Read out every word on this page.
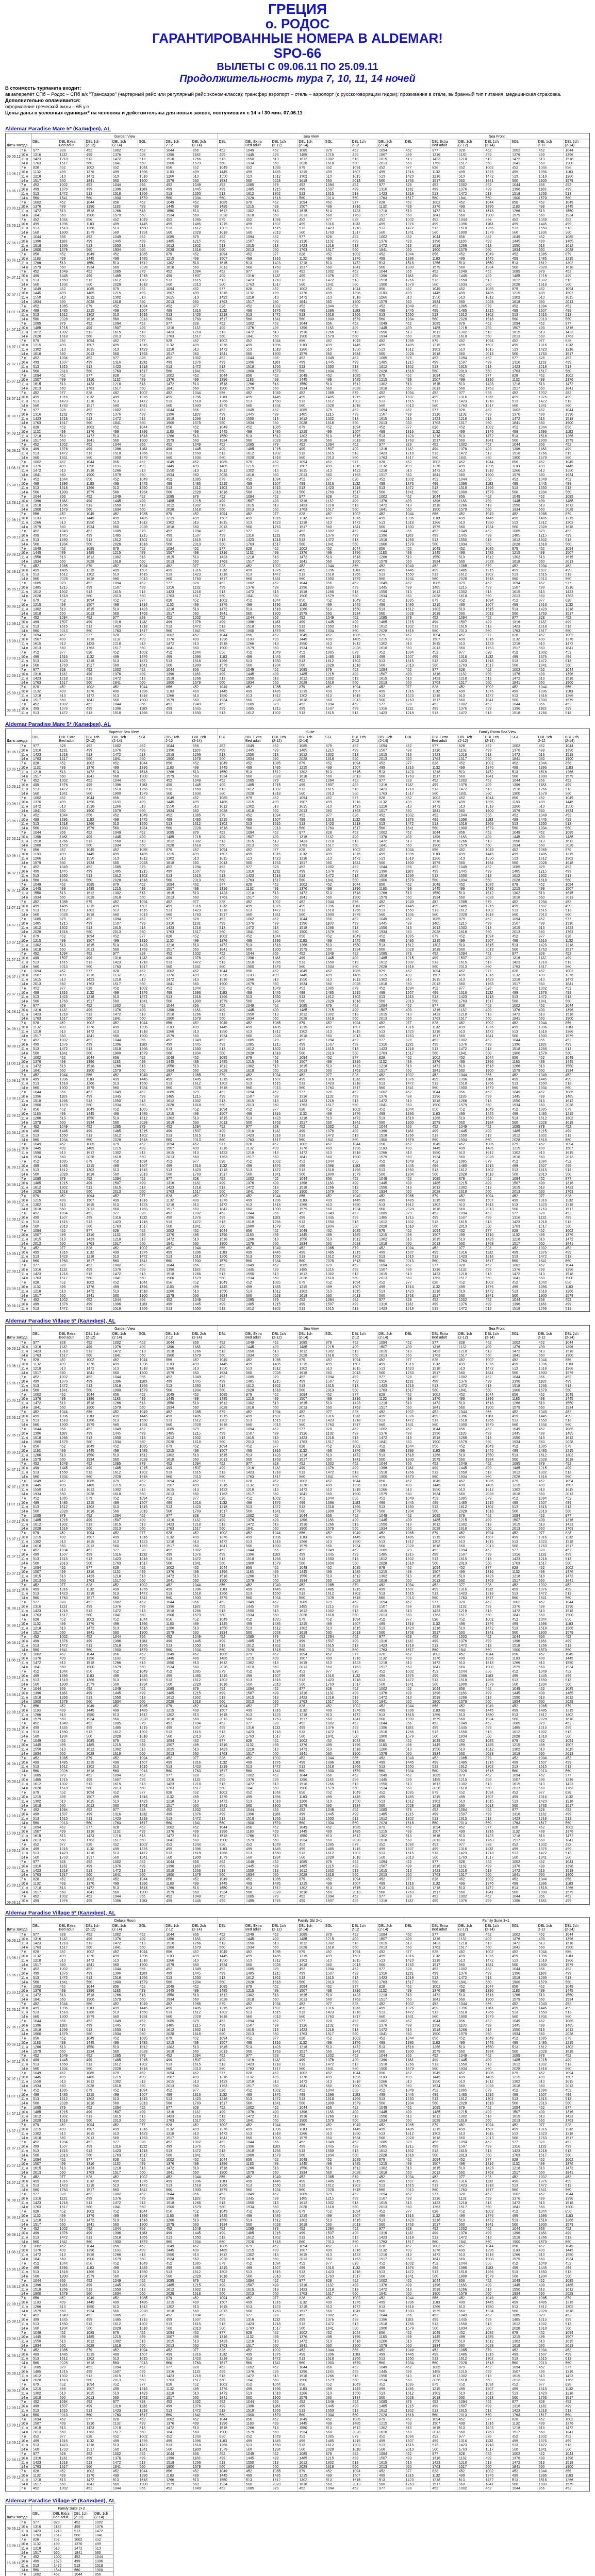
ГРЕЦИЯ
о. РОДОС
ГАРАНТИРОВАННЫЕ НОМЕРА В ALDEMAR!
SPO-66
ВЫЛЕТЫ С 09.06.11 ПО 25.09.11
Продолжительность тура 7, 10, 11, 14 ночей
В стоимость турпакета входит:
авиаперелёт СПб – Родос – СПб а/к "Трансаэро" (чартерный рейс или регулярный рейс эконом-класса); трансфер аэропорт – отель – аэропорт (с русскоговорящим гидом); проживание в отеле, выбранный тип питания, медицинская страховка.
Дополнительно оплачивается:
оформление греческой визы – 65 у.е.
Цены даны в условных единицах* на человека и действительны для новых заявок, поступивших с 14 ч / 30 мин. 07.06.11
Aldemar Paradise Mare 5* (Калифея), AL
Aldemar Paradise Mare 5* (Калифея), AL
Aldemar Paradise Village 5* (Калифея), AL
Aldemar Paradise Village 5* (Калифея), AL
Aldemar Paradise Village 5* (Калифея), AL
Garden View	Sea View	Sea Front
DBL	DBL Extra
Bed adult
DBL 1ch
(2-12)
DBL 1ch
(2-14)
SGL	DBL 1ch
2-12
DBL 2ch
(2-14)
DBL	DBL Extra
Bed adult
DBL 1ch
(2-12)
DBL 1ch
(2-14)
SGL	DBL 1ch
2-12
DBL 2ch
(2-14)
DBL	DBL Extra
Bed adult
DBL 1ch
(2-12)
DBL 1ch
(2-14)
SGL	DBL 1ch
2-12
DBL 2ch
(2-14)
Даты заезда
09.06.11
7 н 977	828	452	1002	452	1044	856	452	1049	452	1085	879	452	1094	452	977	828	452	1002	452	1044
10 н 1316	1132	499	1376	499	1396	1183	499	1445	499	1485	1215	499	1507	499	1316	1132	499	1376	499	1396
11 н 1423	1218	513	1472	513	1518	1266	513	1550	513	1612	1302	513	1615	513	1423	1218	513	1472	513	1518
14 н 1763	1517	560	1841	560	1900	1579	560	1934	560	2028	1618	560	2013	560	1763	1517	560	1841	560	1900
13.06.11
7 н 828	452	1002	452	1044	856	452	1049	452	1085	879	452	1094	452	977	828	452	1002	452	1044	856
10 н 1132	499	1376	499	1396	1183	499	1445	499	1485	1215	499	1507	499	1316	1132	499	1376	499	1396	1183
11 н 1218	513	1472	513	1518	1266	513	1550	513	1612	1302	513	1615	513	1423	1218	513	1472	513	1518	1266
14 н 1517	560	1841	560	1900	1579	560	1934	560	2028	1618	560	2013	560	1763	1517	560	1841	560	1900	1579
16.06.11
7 н 452	1002	452	1044	856	452	1049	452	1085	879	452	1094	452	977	828	452	1002	452	1044	856	452
10 н 499	1376	499	1396	1183	499	1445	499	1485	1215	499	1507	499	1316	1132	499	1376	499	1396	1183	499
11 н 513	1472	513	1518	1266	513	1550	513	1612	1302	513	1615	513	1423	1218	513	1472	513	1518	1266	513
14 н 560	1841	560	1900	1579	560	1934	560	2028	1618	560	2013	560	1763	1517	560	1841	560	1900	1579	560
20.06.11
7 н 1002	452	1044	856	452	1049	452	1085	879	452	1094	452	977	828	452	1002	452	1044	856	452	1049
10 н 1376	499	1396	1183	499	1445	499	1485	1215	499	1507	499	1316	1132	499	1376	499	1396	1183	499	1445
11 н 1472	513	1518	1266	513	1550	513	1612	1302	513	1615	513	1423	1218	513	1472	513	1518	1266	513	1550
14 н 1841	560	1900	1579	560	1934	560	2028	1618	560	2013	560	1763	1517	560	1841	560	1900	1579	560	1934
23.06.11
7 н 452	1044	856	452	1049	452	1085	879	452	1094	452	977	828	452	1002	452	1044	856	452	1049	452
10 н 499	1396	1183	499	1445	499	1485	1215	499	1507	499	1316	1132	499	1376	499	1396	1183	499	1445	499
11 н 513	1518	1266	513	1550	513	1612	1302	513	1615	513	1423	1218	513	1472	513	1518	1266	513	1550	513
14 н 560	1900	1579	560	1934	560	2028	1618	560	2013	560	1763	1517	560	1841	560	1900	1579	560	1934	560
27.06.11
7 н 1044	856	452	1049	452	1085	879	452	1094	452	977	828	452	1002	452	1044	856	452	1049	452	1085
10 н 1396	1183	499	1445	499	1485	1215	499	1507	499	1316	1132	499	1376	499	1396	1183	499	1445	499	1485
11 н 1518	1266	513	1550	513	1612	1302	513	1615	513	1423	1218	513	1472	513	1518	1266	513	1550	513	1612
14 н 1900	1579	560	1934	560	2028	1618	560	2013	560	1763	1517	560	1841	560	1900	1579	560	1934	560	2028
30.06.11
7 н 856	452	1049	452	1085	879	452	1094	452	977	828	452	1002	452	1044	856	452	1049	452	1085	879
10 н 1183	499	1445	499	1485	1215	499	1507	499	1316	1132	499	1376	499	1396	1183	499	1445	499	1485	1215
11 н 1266	513	1550	513	1612	1302	513	1615	513	1423	1218	513	1472	513	1518	1266	513	1550	513	1612	1302
14 н 1579	560	1934	560	2028	1618	560	2013	560	1763	1517	560	1841	560	1900	1579	560	1934	560	2028	1618
04.07.11
7 н 452	1049	452	1085	879	452	1094	452	977	828	452	1002	452	1044	856	452	1049	452	1085	879	452
10 н 499	1445	499	1485	1215	499	1507	499	1316	1132	499	1376	499	1396	1183	499	1445	499	1485	1215	499
11 н 513	1550	513	1612	1302	513	1615	513	1423	1218	513	1472	513	1518	1266	513	1550	513	1612	1302	513
14 н 560	1934	560	2028	1618	560	2013	560	1763	1517	560	1841	560	1900	1579	560	1934	560	2028	1618	560
07.07.11
7 н 1049	452	1085	879	452	1094	452	977	828	452	1002	452	1044	856	452	1049	452	1085	879	452	1094
10 н 1445	499	1485	1215	499	1507	499	1316	1132	499	1376	499	1396	1183	499	1445	499	1485	1215	499	1507
11 н 1550	513	1612	1302	513	1615	513	1423	1218	513	1472	513	1518	1266	513	1550	513	1612	1302	513	1615
14 н 1934	560	2028	1618	560	2013	560	1763	1517	560	1841	560	1900	1579	560	1934	560	2028	1618	560	2013
11.07.11
7 н 452	1085	879	452	1094	452	977	828	452	1002	452	1044	856	452	1049	452	1085	879	452	1094	452
10 н 499	1485	1215	499	1507	499	1316	1132	499	1376	499	1396	1183	499	1445	499	1485	1215	499	1507	499
11 н 513	1612	1302	513	1615	513	1423	1218	513	1472	513	1518	1266	513	1550	513	1612	1302	513	1615	513
14 н 560	2028	1618	560	2013	560	1763	1517	560	1841	560	1900	1579	560	1934	560	2028	1618	560	2013	560
14.07.11
7 н 1085	879	452	1094	452	977	828	452	1002	452	1044	856	452	1049	452	1085	879	452	1094	452	977
10 н 1485	1215	499	1507	499	1316	1132	499	1376	499	1396	1183	499	1445	499	1485	1215	499	1507	499	1316
11 н 1612	1302	513	1615	513	1423	1218	513	1472	513	1518	1266	513	1550	513	1612	1302	513	1615	513	1423
14 н 2028	1618	560	2013	560	1763	1517	560	1841	560	1900	1579	560	1934	560	2028	1618	560	2013	560	1763
18.07.11
7 н 879	452	1094	452	977	828	452	1002	452	1044	856	452	1049	452	1085	879	452	1094	452	977	828
10 н 1215	499	1507	499	1316	1132	499	1376	499	1396	1183	499	1445	499	1485	1215	499	1507	499	1316	1132
11 н 1302	513	1615	513	1423	1218	513	1472	513	1518	1266	513	1550	513	1612	1302	513	1615	513	1423	1218
14 н 1618	560	2013	560	1763	1517	560	1841	560	1900	1579	560	1934	560	2028	1618	560	2013	560	1763	1517
21.07.11
7 н 452	1094	452	977	828	452	1002	452	1044	856	452	1049	452	1085	879	452	1094	452	977	828	452
10 н 499	1507	499	1316	1132	499	1376	499	1396	1183	499	1445	499	1485	1215	499	1507	499	1316	1132	499
11 н 513	1615	513	1423	1218	513	1472	513	1518	1266	513	1550	513	1612	1302	513	1615	513	1423	1218	513
14 н 560	2013	560	1763	1517	560	1841	560	1900	1579	560	1934	560	2028	1618	560	2013	560	1763	1517	560
25.07.11
7 н 1094	452	977	828	452	1002	452	1044	856	452	1049	452	1085	879	452	1094	452	977	828	452	1002
10 н 1507	499	1316	1132	499	1376	499	1396	1183	499	1445	499	1485	1215	499	1507	499	1316	1132	499	1376
11 н 1615	513	1423	1218	513	1472	513	1518	1266	513	1550	513	1612	1302	513	1615	513	1423	1218	513	1472
14 н 2013	560	1763	1517	560	1841	560	1900	1579	560	1934	560	2028	1618	560	2013	560	1763	1517	560	1841
28.07.11
7 н 452	977	828	452	1002	452	1044	856	452	1049	452	1085	879	452	1094	452	977	828	452	1002	452
10 н 499	1316	1132	499	1376	499	1396	1183	499	1445	499	1485	1215	499	1507	499	1316	1132	499	1376	499
11 н 513	1423	1218	513	1472	513	1518	1266	513	1550	513	1612	1302	513	1615	513	1423	1218	513	1472	513
14 н 560	1763	1517	560	1841	560	1900	1579	560	1934	560	2028	1618	560	2013	560	1763	1517	560	1841	560
01.08.11
7 н 977	828	452	1002	452	1044	856	452	1049	452	1085	879	452	1094	452	977	828	452	1002	452	1044
10 н 1316	1132	499	1376	499	1396	1183	499	1445	499	1485	1215	499	1507	499	1316	1132	499	1376	499	1396
11 н 1423	1218	513	1472	513	1518	1266	513	1550	513	1612	1302	513	1615	513	1423	1218	513	1472	513	1518
14 н 1763	1517	560	1841	560	1900	1579	560	1934	560	2028	1618	560	2013	560	1763	1517	560	1841	560	1900
04.08.11
7 н 828	452	1002	452	1044	856	452	1049	452	1085	879	452	1094	452	977	828	452	1002	452	1044	856
10 н 1132	499	1376	499	1396	1183	499	1445	499	1485	1215	499	1507	499	1316	1132	499	1376	499	1396	1183
11 н 1218	513	1472	513	1518	1266	513	1550	513	1612	1302	513	1615	513	1423	1218	513	1472	513	1518	1266
14 н 1517	560	1841	560	1900	1579	560	1934	560	2028	1618	560	2013	560	1763	1517	560	1841	560	1900	1579
08.08.11
7 н 452	1002	452	1044	856	452	1049	452	1085	879	452	1094	452	977	828	452	1002	452	1044	856	452
10 н 499	1376	499	1396	1183	499	1445	499	1485	1215	499	1507	499	1316	1132	499	1376	499	1396	1183	499
11 н 513	1472	513	1518	1266	513	1550	513	1612	1302	513	1615	513	1423	1218	513	1472	513	1518	1266	513
14 н 560	1841	560	1900	1579	560	1934	560	2028	1618	560	2013	560	1763	1517	560	1841	560	1900	1579	560
11.08.11
7 н 1002	452	1044	856	452	1049	452	1085	879	452	1094	452	977	828	452	1002	452	1044	856	452	1049
10 н 1376	499	1396	1183	499	1445	499	1485	1215	499	1507	499	1316	1132	499	1376	499	1396	1183	499	1445
11 н 1472	513	1518	1266	513	1550	513	1612	1302	513	1615	513	1423	1218	513	1472	513	1518	1266	513	1550
14 н 1841	560	1900	1579	560	1934	560	2028	1618	560	2013	560	1763	1517	560	1841	560	1900	1579	560	1934
15.08.11
7 н 452	1044	856	452	1049	452	1085	879	452	1094	452	977	828	452	1002	452	1044	856	452	1049	452
10 н 499	1396	1183	499	1445	499	1485	1215	499	1507	499	1316	1132	499	1376	499	1396	1183	499	1445	499
11 н 513	1518	1266	513	1550	513	1612	1302	513	1615	513	1423	1218	513	1472	513	1518	1266	513	1550	513
14 н 560	1900	1579	560	1934	560	2028	1618	560	2013	560	1763	1517	560	1841	560	1900	1579	560	1934	560
18.08.11
7 н 1044	856	452	1049	452	1085	879	452	1094	452	977	828	452	1002	452	1044	856	452	1049	452	1085
10 н 1396	1183	499	1445	499	1485	1215	499	1507	499	1316	1132	499	1376	499	1396	1183	499	1445	499	1485
11 н 1518	1266	513	1550	513	1612	1302	513	1615	513	1423	1218	513	1472	513	1518	1266	513	1550	513	1612
14 н 1900	1579	560	1934	560	2028	1618	560	2013	560	1763	1517	560	1841	560	1900	1579	560	1934	560	2028
22.08.11
7 н 856	452	1049	452	1085	879	452	1094	452	977	828	452	1002	452	1044	856	452	1049	452	1085	879
10 н 1183	499	1445	499	1485	1215	499	1507	499	1316	1132	499	1376	499	1396	1183	499	1445	499	1485	1215
11 н 1266	513	1550	513	1612	1302	513	1615	513	1423	1218	513	1472	513	1518	1266	513	1550	513	1612	1302
14 н 1579	560	1934	560	2028	1618	560	2013	560	1763	1517	560	1841	560	1900	1579	560	1934	560	2028	1618
25.08.11
7 н 452	1049	452	1085	879	452	1094	452	977	828	452	1002	452	1044	856	452	1049	452	1085	879	452
10 н 499	1445	499	1485	1215	499	1507	499	1316	1132	499	1376	499	1396	1183	499	1445	499	1485	1215	499
11 н 513	1550	513	1612	1302	513	1615	513	1423	1218	513	1472	513	1518	1266	513	1550	513	1612	1302	513
14 н 560	1934	560	2028	1618	560	2013	560	1763	1517	560	1841	560	1900	1579	560	1934	560	2028	1618	560
29.08.11
7 н 1049	452	1085	879	452	1094	452	977	828	452	1002	452	1044	856	452	1049	452	1085	879	452	1094
10 н 1445	499	1485	1215	499	1507	499	1316	1132	499	1376	499	1396	1183	499	1445	499	1485	1215	499	1507
11 н 1550	513	1612	1302	513	1615	513	1423	1218	513	1472	513	1518	1266	513	1550	513	1612	1302	513	1615
14 н 1934	560	2028	1618	560	2013	560	1763	1517	560	1841	560	1900	1579	560	1934	560	2028	1618	560	2013
01.09.11
7 н 452	1085	879	452	1094	452	977	828	452	1002	452	1044	856	452	1049	452	1085	879	452	1094	452
10 н 499	1485	1215	499	1507	499	1316	1132	499	1376	499	1396	1183	499	1445	499	1485	1215	499	1507	499
11 н 513	1612	1302	513	1615	513	1423	1218	513	1472	513	1518	1266	513	1550	513	1612	1302	513	1615	513
14 н 560	2028	1618	560	2013	560	1763	1517	560	1841	560	1900	1579	560	1934	560	2028	1618	560	2013	560
05.09.11
7 н 1085	879	452	1094	452	977	828	452	1002	452	1044	856	452	1049	452	1085	879	452	1094	452	977
10 н 1485	1215	499	1507	499	1316	1132	499	1376	499	1396	1183	499	1445	499	1485	1215	499	1507	499	1316
11 н 1612	1302	513	1615	513	1423	1218	513	1472	513	1518	1266	513	1550	513	1612	1302	513	1615	513	1423
14 н 2028	1618	560	2013	560	1763	1517	560	1841	560	1900	1579	560	1934	560	2028	1618	560	2013	560	1763
08.09.11
7 н 879	452	1094	452	977	828	452	1002	452	1044	856	452	1049	452	1085	879	452	1094	452	977	828
10 н 1215	499	1507	499	1316	1132	499	1376	499	1396	1183	499	1445	499	1485	1215	499	1507	499	1316	1132
11 н 1302	513	1615	513	1423	1218	513	1472	513	1518	1266	513	1550	513	1612	1302	513	1615	513	1423	1218
14 н 1618	560	2013	560	1763	1517	560	1841	560	1900	1579	560	1934	560	2028	1618	560	2013	560	1763	1517
12.09.11
7 н 452	1094	452	977	828	452	1002	452	1044	856	452	1049	452	1085	879	452	1094	452	977	828	452
10 н 499	1507	499	1316	1132	499	1376	499	1396	1183	499	1445	499	1485	1215	499	1507	499	1316	1132	499
11 н 513	1615	513	1423	1218	513	1472	513	1518	1266	513	1550	513	1612	1302	513	1615	513	1423	1218	513
14 н 560	2013	560	1763	1517	560	1841	560	1900	1579	560	1934	560	2028	1618	560	2013	560	1763	1517	560
15.09.11
7 н 1094	452	977	828	452	1002	452	1044	856	452	1049	452	1085	879	452	1094	452	977	828	452	1002
10 н 1507	499	1316	1132	499	1376	499	1396	1183	499	1445	499	1485	1215	499	1507	499	1316	1132	499	1376
11 н 1615	513	1423	1218	513	1472	513	1518	1266	513	1550	513	1612	1302	513	1615	513	1423	1218	513	1472
14 н 2013	560	1763	1517	560	1841	560	1900	1579	560	1934	560	2028	1618	560	2013	560	1763	1517	560	1841
19.09.11
7 н 452	977	828	452	1002	452	1044	856	452	1049	452	1085	879	452	1094	452	977	828	452	1002	452
10 н 499	1316	1132	499	1376	499	1396	1183	499	1445	499	1485	1215	499	1507	499	1316	1132	499	1376	499
11 н 513	1423	1218	513	1472	513	1518	1266	513	1550	513	1612	1302	513	1615	513	1423	1218	513	1472	513
14 н 560	1763	1517	560	1841	560	1900	1579	560	1934	560	2028	1618	560	2013	560	1763	1517	560	1841	560
22.09.11
7 н 977	828	452	1002	452	1044	856	452	1049	452	1085	879	452	1094	452	977	828	452	1002	452	1044
10 н 1316	1132	499	1376	499	1396	1183	499	1445	499	1485	1215	499	1507	499	1316	1132	499	1376	499	1396
11 н 1423	1218	513	1472	513	1518	1266	513	1550	513	1612	1302	513	1615	513	1423	1218	513	1472	513	1518
14 н 1763	1517	560	1841	560	1900	1579	560	1934	560	2028	1618	560	2013	560	1763	1517	560	1841	560	1900
25.09.11
7 н 828	452	1002	452	1044	856	452	1049	452	1085	879	452	1094	452	977	828	452	1002	452	1044	856
10 н 1132	499	1376	499	1396	1183	499	1445	499	1485	1215	499	1507	499	1316	1132	499	1376	499	1396	1183
11 н 1218	513	1472	513	1518	1266	513	1550	513	1612	1302	513	1615	513	1423	1218	513	1472	513	1518	1266
14 н 1517	560	1841	560	1900	1579	560	1934	560	2028	1618	560	2013	560	1763	1517	560	1841	560	1900	1579
09.06.11
7 н 452	1002	452	1044	856	452	1049	452	1085	879	452	1094	452	977	828	452	1002	452	1044	856	452
10 н 499	1376	499	1396	1183	499	1445	499	1485	1215	499	1507	499	1316	1132	499	1376	499	1396	1183	499
11 н 513	1472	513	1518	1266	513	1550	513	1612	1302	513	1615	513	1423	1218	513	1472	513	1518	1266	513
Superior Sea View	Suite	Family Room Sea View
DBL	DBL Extra
Bed adult
DBL 1ch
(2-12)
DBL 1ch
(2-14)
SGL	DBL 1ch
2-12
DBL 2ch
(2-14)
DBL	DBL Extra
Bed adult
DBL 1ch
(2-12)
DBL 1ch
(2-14)
SGL	DBL 1ch
2-12
DBL 2ch
(2-14)
DBL	DBL Extra
Bed adult
DBL 1ch
(2-12)
DBL 1ch
(2-14)
SGL	DBL 1ch
2-12
DBL 2ch
(2-14)
Даты заезда
09.06.11
7 н 977	828	452	1002	452	1044	856	452	1049	452	1085	879	452	1094	452	977	828	452	1002	452	1044
10 н 1316	1132	499	1376	499	1396	1183	499	1445	499	1485	1215	499	1507	499	1316	1132	499	1376	499	1396
11 н 1423	1218	513	1472	513	1518	1266	513	1550	513	1612	1302	513	1615	513	1423	1218	513	1472	513	1518
14 н 1763	1517	560	1841	560	1900	1579	560	1934	560	2028	1618	560	2013	560	1763	1517	560	1841	560	1900
13.06.11
7 н 828	452	1002	452	1044	856	452	1049	452	1085	879	452	1094	452	977	828	452	1002	452	1044	856
10 н 1132	499	1376	499	1396	1183	499	1445	499	1485	1215	499	1507	499	1316	1132	499	1376	499	1396	1183
11 н 1218	513	1472	513	1518	1266	513	1550	513	1612	1302	513	1615	513	1423	1218	513	1472	513	1518	1266
14 н 1517	560	1841	560	1900	1579	560	1934	560	2028	1618	560	2013	560	1763	1517	560	1841	560	1900	1579
16.06.11
7 н 452	1002	452	1044	856	452	1049	452	1085	879	452	1094	452	977	828	452	1002	452	1044	856	452
10 н 499	1376	499	1396	1183	499	1445	499	1485	1215	499	1507	499	1316	1132	499	1376	499	1396	1183	499
11 н 513	1472	513	1518	1266	513	1550	513	1612	1302	513	1615	513	1423	1218	513	1472	513	1518	1266	513
14 н 560	1841	560	1900	1579	560	1934	560	2028	1618	560	2013	560	1763	1517	560	1841	560	1900	1579	560
20.06.11
7 н 1002	452	1044	856	452	1049	452	1085	879	452	1094	452	977	828	452	1002	452	1044	856	452	1049
10 н 1376	499	1396	1183	499	1445	499	1485	1215	499	1507	499	1316	1132	499	1376	499	1396	1183	499	1445
11 н 1472	513	1518	1266	513	1550	513	1612	1302	513	1615	513	1423	1218	513	1472	513	1518	1266	513	1550
14 н 1841	560	1900	1579	560	1934	560	2028	1618	560	2013	560	1763	1517	560	1841	560	1900	1579	560	1934
23.06.11
7 н 452	1044	856	452	1049	452	1085	879	452	1094	452	977	828	452	1002	452	1044	856	452	1049	452
10 н 499	1396	1183	499	1445	499	1485	1215	499	1507	499	1316	1132	499	1376	499	1396	1183	499	1445	499
11 н 513	1518	1266	513	1550	513	1612	1302	513	1615	513	1423	1218	513	1472	513	1518	1266	513	1550	513
14 н 560	1900	1579	560	1934	560	2028	1618	560	2013	560	1763	1517	560	1841	560	1900	1579	560	1934	560
27.06.11
7 н 1044	856	452	1049	452	1085	879	452	1094	452	977	828	452	1002	452	1044	856	452	1049	452	1085
10 н 1396	1183	499	1445	499	1485	1215	499	1507	499	1316	1132	499	1376	499	1396	1183	499	1445	499	1485
11 н 1518	1266	513	1550	513	1612	1302	513	1615	513	1423	1218	513	1472	513	1518	1266	513	1550	513	1612
14 н 1900	1579	560	1934	560	2028	1618	560	2013	560	1763	1517	560	1841	560	1900	1579	560	1934	560	2028
30.06.11
7 н 856	452	1049	452	1085	879	452	1094	452	977	828	452	1002	452	1044	856	452	1049	452	1085	879
10 н 1183	499	1445	499	1485	1215	499	1507	499	1316	1132	499	1376	499	1396	1183	499	1445	499	1485	1215
11 н 1266	513	1550	513	1612	1302	513	1615	513	1423	1218	513	1472	513	1518	1266	513	1550	513	1612	1302
14 н 1579	560	1934	560	2028	1618	560	2013	560	1763	1517	560	1841	560	1900	1579	560	1934	560	2028	1618
04.07.11
7 н 452	1049	452	1085	879	452	1094	452	977	828	452	1002	452	1044	856	452	1049	452	1085	879	452
10 н 499	1445	499	1485	1215	499	1507	499	1316	1132	499	1376	499	1396	1183	499	1445	499	1485	1215	499
11 н 513	1550	513	1612	1302	513	1615	513	1423	1218	513	1472	513	1518	1266	513	1550	513	1612	1302	513
14 н 560	1934	560	2028	1618	560	2013	560	1763	1517	560	1841	560	1900	1579	560	1934	560	2028	1618	560
07.07.11
7 н 1049	452	1085	879	452	1094	452	977	828	452	1002	452	1044	856	452	1049	452	1085	879	452	1094
10 н 1445	499	1485	1215	499	1507	499	1316	1132	499	1376	499	1396	1183	499	1445	499	1485	1215	499	1507
11 н 1550	513	1612	1302	513	1615	513	1423	1218	513	1472	513	1518	1266	513	1550	513	1612	1302	513	1615
14 н 1934	560	2028	1618	560	2013	560	1763	1517	560	1841	560	1900	1579	560	1934	560	2028	1618	560	2013
11.07.11
7 н 452	1085	879	452	1094	452	977	828	452	1002	452	1044	856	452	1049	452	1085	879	452	1094	452
10 н 499	1485	1215	499	1507	499	1316	1132	499	1376	499	1396	1183	499	1445	499	1485	1215	499	1507	499
11 н 513	1612	1302	513	1615	513	1423	1218	513	1472	513	1518	1266	513	1550	513	1612	1302	513	1615	513
14 н 560	2028	1618	560	2013	560	1763	1517	560	1841	560	1900	1579	560	1934	560	2028	1618	560	2013	560
14.07.11
7 н 1085	879	452	1094	452	977	828	452	1002	452	1044	856	452	1049	452	1085	879	452	1094	452	977
10 н 1485	1215	499	1507	499	1316	1132	499	1376	499	1396	1183	499	1445	499	1485	1215	499	1507	499	1316
11 н 1612	1302	513	1615	513	1423	1218	513	1472	513	1518	1266	513	1550	513	1612	1302	513	1615	513	1423
14 н 2028	1618	560	2013	560	1763	1517	560	1841	560	1900	1579	560	1934	560	2028	1618	560	2013	560	1763
18.07.11
7 н 879	452	1094	452	977	828	452	1002	452	1044	856	452	1049	452	1085	879	452	1094	452	977	828
10 н 1215	499	1507	499	1316	1132	499	1376	499	1396	1183	499	1445	499	1485	1215	499	1507	499	1316	1132
11 н 1302	513	1615	513	1423	1218	513	1472	513	1518	1266	513	1550	513	1612	1302	513	1615	513	1423	1218
14 н 1618	560	2013	560	1763	1517	560	1841	560	1900	1579	560	1934	560	2028	1618	560	2013	560	1763	1517
21.07.11
7 н 452	1094	452	977	828	452	1002	452	1044	856	452	1049	452	1085	879	452	1094	452	977	828	452
10 н 499	1507	499	1316	1132	499	1376	499	1396	1183	499	1445	499	1485	1215	499	1507	499	1316	1132	499
11 н 513	1615	513	1423	1218	513	1472	513	1518	1266	513	1550	513	1612	1302	513	1615	513	1423	1218	513
14 н 560	2013	560	1763	1517	560	1841	560	1900	1579	560	1934	560	2028	1618	560	2013	560	1763	1517	560
25.07.11
7 н 1094	452	977	828	452	1002	452	1044	856	452	1049	452	1085	879	452	1094	452	977	828	452	1002
10 н 1507	499	1316	1132	499	1376	499	1396	1183	499	1445	499	1485	1215	499	1507	499	1316	1132	499	1376
11 н 1615	513	1423	1218	513	1472	513	1518	1266	513	1550	513	1612	1302	513	1615	513	1423	1218	513	1472
14 н 2013	560	1763	1517	560	1841	560	1900	1579	560	1934	560	2028	1618	560	2013	560	1763	1517	560	1841
28.07.11
7 н 452	977	828	452	1002	452	1044	856	452	1049	452	1085	879	452	1094	452	977	828	452	1002	452
10 н 499	1316	1132	499	1376	499	1396	1183	499	1445	499	1485	1215	499	1507	499	1316	1132	499	1376	499
11 н 513	1423	1218	513	1472	513	1518	1266	513	1550	513	1612	1302	513	1615	513	1423	1218	513	1472	513
14 н 560	1763	1517	560	1841	560	1900	1579	560	1934	560	2028	1618	560	2013	560	1763	1517	560	1841	560
01.08.11
7 н 977	828	452	1002	452	1044	856	452	1049	452	1085	879	452	1094	452	977	828	452	1002	452	1044
10 н 1316	1132	499	1376	499	1396	1183	499	1445	499	1485	1215	499	1507	499	1316	1132	499	1376	499	1396
11 н 1423	1218	513	1472	513	1518	1266	513	1550	513	1612	1302	513	1615	513	1423	1218	513	1472	513	1518
14 н 1763	1517	560	1841	560	1900	1579	560	1934	560	2028	1618	560	2013	560	1763	1517	560	1841	560	1900
04.08.11
7 н 828	452	1002	452	1044	856	452	1049	452	1085	879	452	1094	452	977	828	452	1002	452	1044	856
10 н 1132	499	1376	499	1396	1183	499	1445	499	1485	1215	499	1507	499	1316	1132	499	1376	499	1396	1183
11 н 1218	513	1472	513	1518	1266	513	1550	513	1612	1302	513	1615	513	1423	1218	513	1472	513	1518	1266
14 н 1517	560	1841	560	1900	1579	560	1934	560	2028	1618	560	2013	560	1763	1517	560	1841	560	1900	1579
08.08.11
7 н 452	1002	452	1044	856	452	1049	452	1085	879	452	1094	452	977	828	452	1002	452	1044	856	452
10 н 499	1376	499	1396	1183	499	1445	499	1485	1215	499	1507	499	1316	1132	499	1376	499	1396	1183	499
11 н 513	1472	513	1518	1266	513	1550	513	1612	1302	513	1615	513	1423	1218	513	1472	513	1518	1266	513
14 н 560	1841	560	1900	1579	560	1934	560	2028	1618	560	2013	560	1763	1517	560	1841	560	1900	1579	560
11.08.11
7 н 1002	452	1044	856	452	1049	452	1085	879	452	1094	452	977	828	452	1002	452	1044	856	452	1049
10 н 1376	499	1396	1183	499	1445	499	1485	1215	499	1507	499	1316	1132	499	1376	499	1396	1183	499	1445
11 н 1472	513	1518	1266	513	1550	513	1612	1302	513	1615	513	1423	1218	513	1472	513	1518	1266	513	1550
14 н 1841	560	1900	1579	560	1934	560	2028	1618	560	2013	560	1763	1517	560	1841	560	1900	1579	560	1934
15.08.11
7 н 452	1044	856	452	1049	452	1085	879	452	1094	452	977	828	452	1002	452	1044	856	452	1049	452
10 н 499	1396	1183	499	1445	499	1485	1215	499	1507	499	1316	1132	499	1376	499	1396	1183	499	1445	499
11 н 513	1518	1266	513	1550	513	1612	1302	513	1615	513	1423	1218	513	1472	513	1518	1266	513	1550	513
14 н 560	1900	1579	560	1934	560	2028	1618	560	2013	560	1763	1517	560	1841	560	1900	1579	560	1934	560
18.08.11
7 н 1044	856	452	1049	452	1085	879	452	1094	452	977	828	452	1002	452	1044	856	452	1049	452	1085
10 н 1396	1183	499	1445	499	1485	1215	499	1507	499	1316	1132	499	1376	499	1396	1183	499	1445	499	1485
11 н 1518	1266	513	1550	513	1612	1302	513	1615	513	1423	1218	513	1472	513	1518	1266	513	1550	513	1612
14 н 1900	1579	560	1934	560	2028	1618	560	2013	560	1763	1517	560	1841	560	1900	1579	560	1934	560	2028
22.08.11
7 н 856	452	1049	452	1085	879	452	1094	452	977	828	452	1002	452	1044	856	452	1049	452	1085	879
10 н 1183	499	1445	499	1485	1215	499	1507	499	1316	1132	499	1376	499	1396	1183	499	1445	499	1485	1215
11 н 1266	513	1550	513	1612	1302	513	1615	513	1423	1218	513	1472	513	1518	1266	513	1550	513	1612	1302
14 н 1579	560	1934	560	2028	1618	560	2013	560	1763	1517	560	1841	560	1900	1579	560	1934	560	2028	1618
25.08.11
7 н 452	1049	452	1085	879	452	1094	452	977	828	452	1002	452	1044	856	452	1049	452	1085	879	452
10 н 499	1445	499	1485	1215	499	1507	499	1316	1132	499	1376	499	1396	1183	499	1445	499	1485	1215	499
11 н 513	1550	513	1612	1302	513	1615	513	1423	1218	513	1472	513	1518	1266	513	1550	513	1612	1302	513
14 н 560	1934	560	2028	1618	560	2013	560	1763	1517	560	1841	560	1900	1579	560	1934	560	2028	1618	560
29.08.11
7 н 1049	452	1085	879	452	1094	452	977	828	452	1002	452	1044	856	452	1049	452	1085	879	452	1094
10 н 1445	499	1485	1215	499	1507	499	1316	1132	499	1376	499	1396	1183	499	1445	499	1485	1215	499	1507
11 н 1550	513	1612	1302	513	1615	513	1423	1218	513	1472	513	1518	1266	513	1550	513	1612	1302	513	1615
14 н 1934	560	2028	1618	560	2013	560	1763	1517	560	1841	560	1900	1579	560	1934	560	2028	1618	560	2013
01.09.11
7 н 452	1085	879	452	1094	452	977	828	452	1002	452	1044	856	452	1049	452	1085	879	452	1094	452
10 н 499	1485	1215	499	1507	499	1316	1132	499	1376	499	1396	1183	499	1445	499	1485	1215	499	1507	499
11 н 513	1612	1302	513	1615	513	1423	1218	513	1472	513	1518	1266	513	1550	513	1612	1302	513	1615	513
14 н 560	2028	1618	560	2013	560	1763	1517	560	1841	560	1900	1579	560	1934	560	2028	1618	560	2013	560
05.09.11
7 н 1085	879	452	1094	452	977	828	452	1002	452	1044	856	452	1049	452	1085	879	452	1094	452	977
10 н 1485	1215	499	1507	499	1316	1132	499	1376	499	1396	1183	499	1445	499	1485	1215	499	1507	499	1316
11 н 1612	1302	513	1615	513	1423	1218	513	1472	513	1518	1266	513	1550	513	1612	1302	513	1615	513	1423
14 н 2028	1618	560	2013	560	1763	1517	560	1841	560	1900	1579	560	1934	560	2028	1618	560	2013	560	1763
08.09.11
7 н 879	452	1094	452	977	828	452	1002	452	1044	856	452	1049	452	1085	879	452	1094	452	977	828
10 н 1215	499	1507	499	1316	1132	499	1376	499	1396	1183	499	1445	499	1485	1215	499	1507	499	1316	1132
11 н 1302	513	1615	513	1423	1218	513	1472	513	1518	1266	513	1550	513	1612	1302	513	1615	513	1423	1218
14 н 1618	560	2013	560	1763	1517	560	1841	560	1900	1579	560	1934	560	2028	1618	560	2013	560	1763	1517
12.09.11
7 н 452	1094	452	977	828	452	1002	452	1044	856	452	1049	452	1085	879	452	1094	452	977	828	452
10 н 499	1507	499	1316	1132	499	1376	499	1396	1183	499	1445	499	1485	1215	499	1507	499	1316	1132	499
11 н 513	1615	513	1423	1218	513	1472	513	1518	1266	513	1550	513	1612	1302	513	1615	513	1423	1218	513
14 н 560	2013	560	1763	1517	560	1841	560	1900	1579	560	1934	560	2028	1618	560	2013	560	1763	1517	560
15.09.11
7 н 1094	452	977	828	452	1002	452	1044	856	452	1049	452	1085	879	452	1094	452	977	828	452	1002
10 н 1507	499	1316	1132	499	1376	499	1396	1183	499	1445	499	1485	1215	499	1507	499	1316	1132	499	1376
11 н 1615	513	1423	1218	513	1472	513	1518	1266	513	1550	513	1612	1302	513	1615	513	1423	1218	513	1472
14 н 2013	560	1763	1517	560	1841	560	1900	1579	560	1934	560	2028	1618	560	2013	560	1763	1517	560	1841
19.09.11
7 н 452	977	828	452	1002	452	1044	856	452	1049	452	1085	879	452	1094	452	977	828	452	1002	452
10 н 499	1316	1132	499	1376	499	1396	1183	499	1445	499	1485	1215	499	1507	499	1316	1132	499	1376	499
11 н 513	1423	1218	513	1472	513	1518	1266	513	1550	513	1612	1302	513	1615	513	1423	1218	513	1472	513
14 н 560	1763	1517	560	1841	560	1900	1579	560	1934	560	2028	1618	560	2013	560	1763	1517	560	1841	560
22.09.11
7 н 977	828	452	1002	452	1044	856	452	1049	452	1085	879	452	1094	452	977	828	452	1002	452	1044
10 н 1316	1132	499	1376	499	1396	1183	499	1445	499	1485	1215	499	1507	499	1316	1132	499	1376	499	1396
11 н 1423	1218	513	1472	513	1518	1266	513	1550	513	1612	1302	513	1615	513	1423	1218	513	1472	513	1518
14 н 1763	1517	560	1841	560	1900	1579	560	1934	560	2028	1618	560	2013	560	1763	1517	560	1841	560	1900
25.09.11
7 н 828	452	1002	452	1044	856	452	1049	452	1085	879	452	1094	452	977	828	452	1002	452	1044	856
10 н 1132	499	1376	499	1396	1183	499	1445	499	1485	1215	499	1507	499	1316	1132	499	1376	499	1396	1183
11 н 1218	513	1472	513	1518	1266	513	1550	513	1612	1302	513	1615	513	1423	1218	513	1472	513	1518	1266
14 н 1517	560	1841	560	1900	1579	560	1934	560	2028	1618	560	2013	560	1763	1517	560	1841	560	1900	1579
09.06.11
7 н 452	1002	452	1044	856	452	1049	452	1085	879	452	1094	452	977	828	452	1002	452	1044	856	452
10 н 499	1376	499	1396	1183	499	1445	499	1485	1215	499	1507	499	1316	1132	499	1376	499	1396	1183	499
11 н 513	1472	513	1518	1266	513	1550	513	1612	1302	513	1615	513	1423	1218	513	1472	513	1518	1266	513
Garden View	Sea View	Sea Front
DBL	DBL Extra
Bed adult
DBL 1ch
(2-12)
DBL 1ch
(2-14)
SGL	DBL 1ch
2-12
DBL 2ch
(2-14)
DBL	DBL Extra
Bed adult
DBL 1ch
(2-12)
DBL 1ch
(2-14)
SGL	DBL 1ch
2-12
DBL 2ch
(2-14)
DBL	DBL Extra
Bed adult
DBL 1ch
(2-12)
DBL 1ch
(2-14)
SGL	DBL 1ch
2-12
DBL 2ch
(2-14)
Даты заезда
09.06.11
7 н 977	828	452	1002	452	1044	856	452	1049	452	1085	879	452	1094	452	977	828	452	1002	452	1044
10 н 1316	1132	499	1376	499	1396	1183	499	1445	499	1485	1215	499	1507	499	1316	1132	499	1376	499	1396
11 н 1423	1218	513	1472	513	1518	1266	513	1550	513	1612	1302	513	1615	513	1423	1218	513	1472	513	1518
14 н 1763	1517	560	1841	560	1900	1579	560	1934	560	2028	1618	560	2013	560	1763	1517	560	1841	560	1900
13.06.11
7 н 828	452	1002	452	1044	856	452	1049	452	1085	879	452	1094	452	977	828	452	1002	452	1044	856
10 н 1132	499	1376	499	1396	1183	499	1445	499	1485	1215	499	1507	499	1316	1132	499	1376	499	1396	1183
11 н 1218	513	1472	513	1518	1266	513	1550	513	1612	1302	513	1615	513	1423	1218	513	1472	513	1518	1266
14 н 1517	560	1841	560	1900	1579	560	1934	560	2028	1618	560	2013	560	1763	1517	560	1841	560	1900	1579
16.06.11
7 н 452	1002	452	1044	856	452	1049	452	1085	879	452	1094	452	977	828	452	1002	452	1044	856	452
10 н 499	1376	499	1396	1183	499	1445	499	1485	1215	499	1507	499	1316	1132	499	1376	499	1396	1183	499
11 н 513	1472	513	1518	1266	513	1550	513	1612	1302	513	1615	513	1423	1218	513	1472	513	1518	1266	513
14 н 560	1841	560	1900	1579	560	1934	560	2028	1618	560	2013	560	1763	1517	560	1841	560	1900	1579	560
20.06.11
7 н 1002	452	1044	856	452	1049	452	1085	879	452	1094	452	977	828	452	1002	452	1044	856	452	1049
10 н 1376	499	1396	1183	499	1445	499	1485	1215	499	1507	499	1316	1132	499	1376	499	1396	1183	499	1445
11 н 1472	513	1518	1266	513	1550	513	1612	1302	513	1615	513	1423	1218	513	1472	513	1518	1266	513	1550
14 н 1841	560	1900	1579	560	1934	560	2028	1618	560	2013	560	1763	1517	560	1841	560	1900	1579	560	1934
23.06.11
7 н 452	1044	856	452	1049	452	1085	879	452	1094	452	977	828	452	1002	452	1044	856	452	1049	452
10 н 499	1396	1183	499	1445	499	1485	1215	499	1507	499	1316	1132	499	1376	499	1396	1183	499	1445	499
11 н 513	1518	1266	513	1550	513	1612	1302	513	1615	513	1423	1218	513	1472	513	1518	1266	513	1550	513
14 н 560	1900	1579	560	1934	560	2028	1618	560	2013	560	1763	1517	560	1841	560	1900	1579	560	1934	560
27.06.11
7 н 1044	856	452	1049	452	1085	879	452	1094	452	977	828	452	1002	452	1044	856	452	1049	452	1085
10 н 1396	1183	499	1445	499	1485	1215	499	1507	499	1316	1132	499	1376	499	1396	1183	499	1445	499	1485
11 н 1518	1266	513	1550	513	1612	1302	513	1615	513	1423	1218	513	1472	513	1518	1266	513	1550	513	1612
14 н 1900	1579	560	1934	560	2028	1618	560	2013	560	1763	1517	560	1841	560	1900	1579	560	1934	560	2028
30.06.11
7 н 856	452	1049	452	1085	879	452	1094	452	977	828	452	1002	452	1044	856	452	1049	452	1085	879
10 н 1183	499	1445	499	1485	1215	499	1507	499	1316	1132	499	1376	499	1396	1183	499	1445	499	1485	1215
11 н 1266	513	1550	513	1612	1302	513	1615	513	1423	1218	513	1472	513	1518	1266	513	1550	513	1612	1302
14 н 1579	560	1934	560	2028	1618	560	2013	560	1763	1517	560	1841	560	1900	1579	560	1934	560	2028	1618
04.07.11
7 н 452	1049	452	1085	879	452	1094	452	977	828	452	1002	452	1044	856	452	1049	452	1085	879	452
10 н 499	1445	499	1485	1215	499	1507	499	1316	1132	499	1376	499	1396	1183	499	1445	499	1485	1215	499
11 н 513	1550	513	1612	1302	513	1615	513	1423	1218	513	1472	513	1518	1266	513	1550	513	1612	1302	513
14 н 560	1934	560	2028	1618	560	2013	560	1763	1517	560	1841	560	1900	1579	560	1934	560	2028	1618	560
07.07.11
7 н 1049	452	1085	879	452	1094	452	977	828	452	1002	452	1044	856	452	1049	452	1085	879	452	1094
10 н 1445	499	1485	1215	499	1507	499	1316	1132	499	1376	499	1396	1183	499	1445	499	1485	1215	499	1507
11 н 1550	513	1612	1302	513	1615	513	1423	1218	513	1472	513	1518	1266	513	1550	513	1612	1302	513	1615
14 н 1934	560	2028	1618	560	2013	560	1763	1517	560	1841	560	1900	1579	560	1934	560	2028	1618	560	2013
11.07.11
7 н 452	1085	879	452	1094	452	977	828	452	1002	452	1044	856	452	1049	452	1085	879	452	1094	452
10 н 499	1485	1215	499	1507	499	1316	1132	499	1376	499	1396	1183	499	1445	499	1485	1215	499	1507	499
11 н 513	1612	1302	513	1615	513	1423	1218	513	1472	513	1518	1266	513	1550	513	1612	1302	513	1615	513
14 н 560	2028	1618	560	2013	560	1763	1517	560	1841	560	1900	1579	560	1934	560	2028	1618	560	2013	560
14.07.11
7 н 1085	879	452	1094	452	977	828	452	1002	452	1044	856	452	1049	452	1085	879	452	1094	452	977
10 н 1485	1215	499	1507	499	1316	1132	499	1376	499	1396	1183	499	1445	499	1485	1215	499	1507	499	1316
11 н 1612	1302	513	1615	513	1423	1218	513	1472	513	1518	1266	513	1550	513	1612	1302	513	1615	513	1423
14 н 2028	1618	560	2013	560	1763	1517	560	1841	560	1900	1579	560	1934	560	2028	1618	560	2013	560	1763
18.07.11
7 н 879	452	1094	452	977	828	452	1002	452	1044	856	452	1049	452	1085	879	452	1094	452	977	828
10 н 1215	499	1507	499	1316	1132	499	1376	499	1396	1183	499	1445	499	1485	1215	499	1507	499	1316	1132
11 н 1302	513	1615	513	1423	1218	513	1472	513	1518	1266	513	1550	513	1612	1302	513	1615	513	1423	1218
14 н 1618	560	2013	560	1763	1517	560	1841	560	1900	1579	560	1934	560	2028	1618	560	2013	560	1763	1517
21.07.11
7 н 452	1094	452	977	828	452	1002	452	1044	856	452	1049	452	1085	879	452	1094	452	977	828	452
10 н 499	1507	499	1316	1132	499	1376	499	1396	1183	499	1445	499	1485	1215	499	1507	499	1316	1132	499
11 н 513	1615	513	1423	1218	513	1472	513	1518	1266	513	1550	513	1612	1302	513	1615	513	1423	1218	513
14 н 560	2013	560	1763	1517	560	1841	560	1900	1579	560	1934	560	2028	1618	560	2013	560	1763	1517	560
25.07.11
7 н 1094	452	977	828	452	1002	452	1044	856	452	1049	452	1085	879	452	1094	452	977	828	452	1002
10 н 1507	499	1316	1132	499	1376	499	1396	1183	499	1445	499	1485	1215	499	1507	499	1316	1132	499	1376
11 н 1615	513	1423	1218	513	1472	513	1518	1266	513	1550	513	1612	1302	513	1615	513	1423	1218	513	1472
14 н 2013	560	1763	1517	560	1841	560	1900	1579	560	1934	560	2028	1618	560	2013	560	1763	1517	560	1841
28.07.11
7 н 452	977	828	452	1002	452	1044	856	452	1049	452	1085	879	452	1094	452	977	828	452	1002	452
10 н 499	1316	1132	499	1376	499	1396	1183	499	1445	499	1485	1215	499	1507	499	1316	1132	499	1376	499
11 н 513	1423	1218	513	1472	513	1518	1266	513	1550	513	1612	1302	513	1615	513	1423	1218	513	1472	513
14 н 560	1763	1517	560	1841	560	1900	1579	560	1934	560	2028	1618	560	2013	560	1763	1517	560	1841	560
01.08.11
7 н 977	828	452	1002	452	1044	856	452	1049	452	1085	879	452	1094	452	977	828	452	1002	452	1044
10 н 1316	1132	499	1376	499	1396	1183	499	1445	499	1485	1215	499	1507	499	1316	1132	499	1376	499	1396
11 н 1423	1218	513	1472	513	1518	1266	513	1550	513	1612	1302	513	1615	513	1423	1218	513	1472	513	1518
14 н 1763	1517	560	1841	560	1900	1579	560	1934	560	2028	1618	560	2013	560	1763	1517	560	1841	560	1900
04.08.11
7 н 828	452	1002	452	1044	856	452	1049	452	1085	879	452	1094	452	977	828	452	1002	452	1044	856
10 н 1132	499	1376	499	1396	1183	499	1445	499	1485	1215	499	1507	499	1316	1132	499	1376	499	1396	1183
11 н 1218	513	1472	513	1518	1266	513	1550	513	1612	1302	513	1615	513	1423	1218	513	1472	513	1518	1266
14 н 1517	560	1841	560	1900	1579	560	1934	560	2028	1618	560	2013	560	1763	1517	560	1841	560	1900	1579
08.08.11
7 н 452	1002	452	1044	856	452	1049	452	1085	879	452	1094	452	977	828	452	1002	452	1044	856	452
10 н 499	1376	499	1396	1183	499	1445	499	1485	1215	499	1507	499	1316	1132	499	1376	499	1396	1183	499
11 н 513	1472	513	1518	1266	513	1550	513	1612	1302	513	1615	513	1423	1218	513	1472	513	1518	1266	513
14 н 560	1841	560	1900	1579	560	1934	560	2028	1618	560	2013	560	1763	1517	560	1841	560	1900	1579	560
11.08.11
7 н 1002	452	1044	856	452	1049	452	1085	879	452	1094	452	977	828	452	1002	452	1044	856	452	1049
10 н 1376	499	1396	1183	499	1445	499	1485	1215	499	1507	499	1316	1132	499	1376	499	1396	1183	499	1445
11 н 1472	513	1518	1266	513	1550	513	1612	1302	513	1615	513	1423	1218	513	1472	513	1518	1266	513	1550
14 н 1841	560	1900	1579	560	1934	560	2028	1618	560	2013	560	1763	1517	560	1841	560	1900	1579	560	1934
15.08.11
7 н 452	1044	856	452	1049	452	1085	879	452	1094	452	977	828	452	1002	452	1044	856	452	1049	452
10 н 499	1396	1183	499	1445	499	1485	1215	499	1507	499	1316	1132	499	1376	499	1396	1183	499	1445	499
11 н 513	1518	1266	513	1550	513	1612	1302	513	1615	513	1423	1218	513	1472	513	1518	1266	513	1550	513
14 н 560	1900	1579	560	1934	560	2028	1618	560	2013	560	1763	1517	560	1841	560	1900	1579	560	1934	560
18.08.11
7 н 1044	856	452	1049	452	1085	879	452	1094	452	977	828	452	1002	452	1044	856	452	1049	452	1085
10 н 1396	1183	499	1445	499	1485	1215	499	1507	499	1316	1132	499	1376	499	1396	1183	499	1445	499	1485
11 н 1518	1266	513	1550	513	1612	1302	513	1615	513	1423	1218	513	1472	513	1518	1266	513	1550	513	1612
14 н 1900	1579	560	1934	560	2028	1618	560	2013	560	1763	1517	560	1841	560	1900	1579	560	1934	560	2028
22.08.11
7 н 856	452	1049	452	1085	879	452	1094	452	977	828	452	1002	452	1044	856	452	1049	452	1085	879
10 н 1183	499	1445	499	1485	1215	499	1507	499	1316	1132	499	1376	499	1396	1183	499	1445	499	1485	1215
11 н 1266	513	1550	513	1612	1302	513	1615	513	1423	1218	513	1472	513	1518	1266	513	1550	513	1612	1302
14 н 1579	560	1934	560	2028	1618	560	2013	560	1763	1517	560	1841	560	1900	1579	560	1934	560	2028	1618
25.08.11
7 н 452	1049	452	1085	879	452	1094	452	977	828	452	1002	452	1044	856	452	1049	452	1085	879	452
10 н 499	1445	499	1485	1215	499	1507	499	1316	1132	499	1376	499	1396	1183	499	1445	499	1485	1215	499
11 н 513	1550	513	1612	1302	513	1615	513	1423	1218	513	1472	513	1518	1266	513	1550	513	1612	1302	513
14 н 560	1934	560	2028	1618	560	2013	560	1763	1517	560	1841	560	1900	1579	560	1934	560	2028	1618	560
29.08.11
7 н 1049	452	1085	879	452	1094	452	977	828	452	1002	452	1044	856	452	1049	452	1085	879	452	1094
10 н 1445	499	1485	1215	499	1507	499	1316	1132	499	1376	499	1396	1183	499	1445	499	1485	1215	499	1507
11 н 1550	513	1612	1302	513	1615	513	1423	1218	513	1472	513	1518	1266	513	1550	513	1612	1302	513	1615
14 н 1934	560	2028	1618	560	2013	560	1763	1517	560	1841	560	1900	1579	560	1934	560	2028	1618	560	2013
01.09.11
7 н 452	1085	879	452	1094	452	977	828	452	1002	452	1044	856	452	1049	452	1085	879	452	1094	452
10 н 499	1485	1215	499	1507	499	1316	1132	499	1376	499	1396	1183	499	1445	499	1485	1215	499	1507	499
11 н 513	1612	1302	513	1615	513	1423	1218	513	1472	513	1518	1266	513	1550	513	1612	1302	513	1615	513
14 н 560	2028	1618	560	2013	560	1763	1517	560	1841	560	1900	1579	560	1934	560	2028	1618	560	2013	560
05.09.11
7 н 1085	879	452	1094	452	977	828	452	1002	452	1044	856	452	1049	452	1085	879	452	1094	452	977
10 н 1485	1215	499	1507	499	1316	1132	499	1376	499	1396	1183	499	1445	499	1485	1215	499	1507	499	1316
11 н 1612	1302	513	1615	513	1423	1218	513	1472	513	1518	1266	513	1550	513	1612	1302	513	1615	513	1423
14 н 2028	1618	560	2013	560	1763	1517	560	1841	560	1900	1579	560	1934	560	2028	1618	560	2013	560	1763
08.09.11
7 н 879	452	1094	452	977	828	452	1002	452	1044	856	452	1049	452	1085	879	452	1094	452	977	828
10 н 1215	499	1507	499	1316	1132	499	1376	499	1396	1183	499	1445	499	1485	1215	499	1507	499	1316	1132
11 н 1302	513	1615	513	1423	1218	513	1472	513	1518	1266	513	1550	513	1612	1302	513	1615	513	1423	1218
14 н 1618	560	2013	560	1763	1517	560	1841	560	1900	1579	560	1934	560	2028	1618	560	2013	560	1763	1517
12.09.11
7 н 452	1094	452	977	828	452	1002	452	1044	856	452	1049	452	1085	879	452	1094	452	977	828	452
10 н 499	1507	499	1316	1132	499	1376	499	1396	1183	499	1445	499	1485	1215	499	1507	499	1316	1132	499
11 н 513	1615	513	1423	1218	513	1472	513	1518	1266	513	1550	513	1612	1302	513	1615	513	1423	1218	513
14 н 560	2013	560	1763	1517	560	1841	560	1900	1579	560	1934	560	2028	1618	560	2013	560	1763	1517	560
15.09.11
7 н 1094	452	977	828	452	1002	452	1044	856	452	1049	452	1085	879	452	1094	452	977	828	452	1002
10 н 1507	499	1316	1132	499	1376	499	1396	1183	499	1445	499	1485	1215	499	1507	499	1316	1132	499	1376
11 н 1615	513	1423	1218	513	1472	513	1518	1266	513	1550	513	1612	1302	513	1615	513	1423	1218	513	1472
14 н 2013	560	1763	1517	560	1841	560	1900	1579	560	1934	560	2028	1618	560	2013	560	1763	1517	560	1841
19.09.11
7 н 452	977	828	452	1002	452	1044	856	452	1049	452	1085	879	452	1094	452	977	828	452	1002	452
10 н 499	1316	1132	499	1376	499	1396	1183	499	1445	499	1485	1215	499	1507	499	1316	1132	499	1376	499
11 н 513	1423	1218	513	1472	513	1518	1266	513	1550	513	1612	1302	513	1615	513	1423	1218	513	1472	513
14 н 560	1763	1517	560	1841	560	1900	1579	560	1934	560	2028	1618	560	2013	560	1763	1517	560	1841	560
22.09.11
7 н 977	828	452	1002	452	1044	856	452	1049	452	1085	879	452	1094	452	977	828	452	1002	452	1044
10 н 1316	1132	499	1376	499	1396	1183	499	1445	499	1485	1215	499	1507	499	1316	1132	499	1376	499	1396
11 н 1423	1218	513	1472	513	1518	1266	513	1550	513	1612	1302	513	1615	513	1423	1218	513	1472	513	1518
14 н 1763	1517	560	1841	560	1900	1579	560	1934	560	2028	1618	560	2013	560	1763	1517	560	1841	560	1900
25.09.11
7 н 828	452	1002	452	1044	856	452	1049	452	1085	879	452	1094	452	977	828	452	1002	452	1044	856
10 н 1132	499	1376	499	1396	1183	499	1445	499	1485	1215	499	1507	499	1316	1132	499	1376	499	1396	1183
11 н 1218	513	1472	513	1518	1266	513	1550	513	1612	1302	513	1615	513	1423	1218	513	1472	513	1518	1266
14 н 1517	560	1841	560	1900	1579	560	1934	560	2028	1618	560	2013	560	1763	1517	560	1841	560	1900	1579
09.06.11
7 н 452	1002	452	1044	856	452	1049	452	1085	879	452	1094	452	977	828	452	1002	452	1044	856	452
10 н 499	1376	499	1396	1183	499	1445	499	1485	1215	499	1507	499	1316	1132	499	1376	499	1396	1183	499
Deluxe Room	Family Dbl 2+1	Family Suite 3+1
DBL	DBL Extra
Bed adult
DBL 1ch
(2-12)
DBL 1ch
(2-14)
SGL	DBL 1ch
2-12
DBL 2ch
(2-14)
DBL	DBL Extra
Bed adult
DBL 1ch
(2-12)
DBL 1ch
(2-14)
SGL	DBL 1ch
2-12
DBL 2ch
(2-14)
DBL	DBL Extra
Bed adult
DBL 1ch
(2-12)
DBL 1ch
(2-14)
SGL	DBL 1ch
2-12
DBL 2ch
(2-14)
Даты заезда
09.06.11
7 н 977	828	452	1002	452	1044	856	452	1049	452	1085	879	452	1094	452	977	828	452	1002	452	1044
10 н 1316	1132	499	1376	499	1396	1183	499	1445	499	1485	1215	499	1507	499	1316	1132	499	1376	499	1396
11 н 1423	1218	513	1472	513	1518	1266	513	1550	513	1612	1302	513	1615	513	1423	1218	513	1472	513	1518
14 н 1763	1517	560	1841	560	1900	1579	560	1934	560	2028	1618	560	2013	560	1763	1517	560	1841	560	1900
13.06.11
7 н 828	452	1002	452	1044	856	452	1049	452	1085	879	452	1094	452	977	828	452	1002	452	1044	856
10 н 1132	499	1376	499	1396	1183	499	1445	499	1485	1215	499	1507	499	1316	1132	499	1376	499	1396	1183
11 н 1218	513	1472	513	1518	1266	513	1550	513	1612	1302	513	1615	513	1423	1218	513	1472	513	1518	1266
14 н 1517	560	1841	560	1900	1579	560	1934	560	2028	1618	560	2013	560	1763	1517	560	1841	560	1900	1579
16.06.11
7 н 452	1002	452	1044	856	452	1049	452	1085	879	452	1094	452	977	828	452	1002	452	1044	856	452
10 н 499	1376	499	1396	1183	499	1445	499	1485	1215	499	1507	499	1316	1132	499	1376	499	1396	1183	499
11 н 513	1472	513	1518	1266	513	1550	513	1612	1302	513	1615	513	1423	1218	513	1472	513	1518	1266	513
14 н 560	1841	560	1900	1579	560	1934	560	2028	1618	560	2013	560	1763	1517	560	1841	560	1900	1579	560
20.06.11
7 н 1002	452	1044	856	452	1049	452	1085	879	452	1094	452	977	828	452	1002	452	1044	856	452	1049
10 н 1376	499	1396	1183	499	1445	499	1485	1215	499	1507	499	1316	1132	499	1376	499	1396	1183	499	1445
11 н 1472	513	1518	1266	513	1550	513	1612	1302	513	1615	513	1423	1218	513	1472	513	1518	1266	513	1550
14 н 1841	560	1900	1579	560	1934	560	2028	1618	560	2013	560	1763	1517	560	1841	560	1900	1579	560	1934
23.06.11
7 н 452	1044	856	452	1049	452	1085	879	452	1094	452	977	828	452	1002	452	1044	856	452	1049	452
10 н 499	1396	1183	499	1445	499	1485	1215	499	1507	499	1316	1132	499	1376	499	1396	1183	499	1445	499
11 н 513	1518	1266	513	1550	513	1612	1302	513	1615	513	1423	1218	513	1472	513	1518	1266	513	1550	513
14 н 560	1900	1579	560	1934	560	2028	1618	560	2013	560	1763	1517	560	1841	560	1900	1579	560	1934	560
27.06.11
7 н 1044	856	452	1049	452	1085	879	452	1094	452	977	828	452	1002	452	1044	856	452	1049	452	1085
10 н 1396	1183	499	1445	499	1485	1215	499	1507	499	1316	1132	499	1376	499	1396	1183	499	1445	499	1485
11 н 1518	1266	513	1550	513	1612	1302	513	1615	513	1423	1218	513	1472	513	1518	1266	513	1550	513	1612
14 н 1900	1579	560	1934	560	2028	1618	560	2013	560	1763	1517	560	1841	560	1900	1579	560	1934	560	2028
30.06.11
7 н 856	452	1049	452	1085	879	452	1094	452	977	828	452	1002	452	1044	856	452	1049	452	1085	879
10 н 1183	499	1445	499	1485	1215	499	1507	499	1316	1132	499	1376	499	1396	1183	499	1445	499	1485	1215
11 н 1266	513	1550	513	1612	1302	513	1615	513	1423	1218	513	1472	513	1518	1266	513	1550	513	1612	1302
14 н 1579	560	1934	560	2028	1618	560	2013	560	1763	1517	560	1841	560	1900	1579	560	1934	560	2028	1618
04.07.11
7 н 452	1049	452	1085	879	452	1094	452	977	828	452	1002	452	1044	856	452	1049	452	1085	879	452
10 н 499	1445	499	1485	1215	499	1507	499	1316	1132	499	1376	499	1396	1183	499	1445	499	1485	1215	499
11 н 513	1550	513	1612	1302	513	1615	513	1423	1218	513	1472	513	1518	1266	513	1550	513	1612	1302	513
14 н 560	1934	560	2028	1618	560	2013	560	1763	1517	560	1841	560	1900	1579	560	1934	560	2028	1618	560
07.07.11
7 н 1049	452	1085	879	452	1094	452	977	828	452	1002	452	1044	856	452	1049	452	1085	879	452	1094
10 н 1445	499	1485	1215	499	1507	499	1316	1132	499	1376	499	1396	1183	499	1445	499	1485	1215	499	1507
11 н 1550	513	1612	1302	513	1615	513	1423	1218	513	1472	513	1518	1266	513	1550	513	1612	1302	513	1615
14 н 1934	560	2028	1618	560	2013	560	1763	1517	560	1841	560	1900	1579	560	1934	560	2028	1618	560	2013
11.07.11
7 н 452	1085	879	452	1094	452	977	828	452	1002	452	1044	856	452	1049	452	1085	879	452	1094	452
10 н 499	1485	1215	499	1507	499	1316	1132	499	1376	499	1396	1183	499	1445	499	1485	1215	499	1507	499
11 н 513	1612	1302	513	1615	513	1423	1218	513	1472	513	1518	1266	513	1550	513	1612	1302	513	1615	513
14 н 560	2028	1618	560	2013	560	1763	1517	560	1841	560	1900	1579	560	1934	560	2028	1618	560	2013	560
14.07.11
7 н 1085	879	452	1094	452	977	828	452	1002	452	1044	856	452	1049	452	1085	879	452	1094	452	977
10 н 1485	1215	499	1507	499	1316	1132	499	1376	499	1396	1183	499	1445	499	1485	1215	499	1507	499	1316
11 н 1612	1302	513	1615	513	1423	1218	513	1472	513	1518	1266	513	1550	513	1612	1302	513	1615	513	1423
14 н 2028	1618	560	2013	560	1763	1517	560	1841	560	1900	1579	560	1934	560	2028	1618	560	2013	560	1763
18.07.11
7 н 879	452	1094	452	977	828	452	1002	452	1044	856	452	1049	452	1085	879	452	1094	452	977	828
10 н 1215	499	1507	499	1316	1132	499	1376	499	1396	1183	499	1445	499	1485	1215	499	1507	499	1316	1132
11 н 1302	513	1615	513	1423	1218	513	1472	513	1518	1266	513	1550	513	1612	1302	513	1615	513	1423	1218
14 н 1618	560	2013	560	1763	1517	560	1841	560	1900	1579	560	1934	560	2028	1618	560	2013	560	1763	1517
21.07.11
7 н 452	1094	452	977	828	452	1002	452	1044	856	452	1049	452	1085	879	452	1094	452	977	828	452
10 н 499	1507	499	1316	1132	499	1376	499	1396	1183	499	1445	499	1485	1215	499	1507	499	1316	1132	499
11 н 513	1615	513	1423	1218	513	1472	513	1518	1266	513	1550	513	1612	1302	513	1615	513	1423	1218	513
14 н 560	2013	560	1763	1517	560	1841	560	1900	1579	560	1934	560	2028	1618	560	2013	560	1763	1517	560
25.07.11
7 н 1094	452	977	828	452	1002	452	1044	856	452	1049	452	1085	879	452	1094	452	977	828	452	1002
10 н 1507	499	1316	1132	499	1376	499	1396	1183	499	1445	499	1485	1215	499	1507	499	1316	1132	499	1376
11 н 1615	513	1423	1218	513	1472	513	1518	1266	513	1550	513	1612	1302	513	1615	513	1423	1218	513	1472
14 н 2013	560	1763	1517	560	1841	560	1900	1579	560	1934	560	2028	1618	560	2013	560	1763	1517	560	1841
28.07.11
7 н 452	977	828	452	1002	452	1044	856	452	1049	452	1085	879	452	1094	452	977	828	452	1002	452
10 н 499	1316	1132	499	1376	499	1396	1183	499	1445	499	1485	1215	499	1507	499	1316	1132	499	1376	499
11 н 513	1423	1218	513	1472	513	1518	1266	513	1550	513	1612	1302	513	1615	513	1423	1218	513	1472	513
14 н 560	1763	1517	560	1841	560	1900	1579	560	1934	560	2028	1618	560	2013	560	1763	1517	560	1841	560
01.08.11
7 н 977	828	452	1002	452	1044	856	452	1049	452	1085	879	452	1094	452	977	828	452	1002	452	1044
10 н 1316	1132	499	1376	499	1396	1183	499	1445	499	1485	1215	499	1507	499	1316	1132	499	1376	499	1396
11 н 1423	1218	513	1472	513	1518	1266	513	1550	513	1612	1302	513	1615	513	1423	1218	513	1472	513	1518
14 н 1763	1517	560	1841	560	1900	1579	560	1934	560	2028	1618	560	2013	560	1763	1517	560	1841	560	1900
04.08.11
7 н 828	452	1002	452	1044	856	452	1049	452	1085	879	452	1094	452	977	828	452	1002	452	1044	856
10 н 1132	499	1376	499	1396	1183	499	1445	499	1485	1215	499	1507	499	1316	1132	499	1376	499	1396	1183
11 н 1218	513	1472	513	1518	1266	513	1550	513	1612	1302	513	1615	513	1423	1218	513	1472	513	1518	1266
14 н 1517	560	1841	560	1900	1579	560	1934	560	2028	1618	560	2013	560	1763	1517	560	1841	560	1900	1579
08.08.11
7 н 452	1002	452	1044	856	452	1049	452	1085	879	452	1094	452	977	828	452	1002	452	1044	856	452
10 н 499	1376	499	1396	1183	499	1445	499	1485	1215	499	1507	499	1316	1132	499	1376	499	1396	1183	499
11 н 513	1472	513	1518	1266	513	1550	513	1612	1302	513	1615	513	1423	1218	513	1472	513	1518	1266	513
14 н 560	1841	560	1900	1579	560	1934	560	2028	1618	560	2013	560	1763	1517	560	1841	560	1900	1579	560
11.08.11
7 н 1002	452	1044	856	452	1049	452	1085	879	452	1094	452	977	828	452	1002	452	1044	856	452	1049
10 н 1376	499	1396	1183	499	1445	499	1485	1215	499	1507	499	1316	1132	499	1376	499	1396	1183	499	1445
11 н 1472	513	1518	1266	513	1550	513	1612	1302	513	1615	513	1423	1218	513	1472	513	1518	1266	513	1550
14 н 1841	560	1900	1579	560	1934	560	2028	1618	560	2013	560	1763	1517	560	1841	560	1900	1579	560	1934
15.08.11
7 н 452	1044	856	452	1049	452	1085	879	452	1094	452	977	828	452	1002	452	1044	856	452	1049	452
10 н 499	1396	1183	499	1445	499	1485	1215	499	1507	499	1316	1132	499	1376	499	1396	1183	499	1445	499
11 н 513	1518	1266	513	1550	513	1612	1302	513	1615	513	1423	1218	513	1472	513	1518	1266	513	1550	513
14 н 560	1900	1579	560	1934	560	2028	1618	560	2013	560	1763	1517	560	1841	560	1900	1579	560	1934	560
18.08.11
7 н 1044	856	452	1049	452	1085	879	452	1094	452	977	828	452	1002	452	1044	856	452	1049	452	1085
10 н 1396	1183	499	1445	499	1485	1215	499	1507	499	1316	1132	499	1376	499	1396	1183	499	1445	499	1485
11 н 1518	1266	513	1550	513	1612	1302	513	1615	513	1423	1218	513	1472	513	1518	1266	513	1550	513	1612
14 н 1900	1579	560	1934	560	2028	1618	560	2013	560	1763	1517	560	1841	560	1900	1579	560	1934	560	2028
22.08.11
7 н 856	452	1049	452	1085	879	452	1094	452	977	828	452	1002	452	1044	856	452	1049	452	1085	879
10 н 1183	499	1445	499	1485	1215	499	1507	499	1316	1132	499	1376	499	1396	1183	499	1445	499	1485	1215
11 н 1266	513	1550	513	1612	1302	513	1615	513	1423	1218	513	1472	513	1518	1266	513	1550	513	1612	1302
14 н 1579	560	1934	560	2028	1618	560	2013	560	1763	1517	560	1841	560	1900	1579	560	1934	560	2028	1618
25.08.11
7 н 452	1049	452	1085	879	452	1094	452	977	828	452	1002	452	1044	856	452	1049	452	1085	879	452
10 н 499	1445	499	1485	1215	499	1507	499	1316	1132	499	1376	499	1396	1183	499	1445	499	1485	1215	499
11 н 513	1550	513	1612	1302	513	1615	513	1423	1218	513	1472	513	1518	1266	513	1550	513	1612	1302	513
14 н 560	1934	560	2028	1618	560	2013	560	1763	1517	560	1841	560	1900	1579	560	1934	560	2028	1618	560
29.08.11
7 н 1049	452	1085	879	452	1094	452	977	828	452	1002	452	1044	856	452	1049	452	1085	879	452	1094
10 н 1445	499	1485	1215	499	1507	499	1316	1132	499	1376	499	1396	1183	499	1445	499	1485	1215	499	1507
11 н 1550	513	1612	1302	513	1615	513	1423	1218	513	1472	513	1518	1266	513	1550	513	1612	1302	513	1615
14 н 1934	560	2028	1618	560	2013	560	1763	1517	560	1841	560	1900	1579	560	1934	560	2028	1618	560	2013
01.09.11
7 н 452	1085	879	452	1094	452	977	828	452	1002	452	1044	856	452	1049	452	1085	879	452	1094	452
10 н 499	1485	1215	499	1507	499	1316	1132	499	1376	499	1396	1183	499	1445	499	1485	1215	499	1507	499
11 н 513	1612	1302	513	1615	513	1423	1218	513	1472	513	1518	1266	513	1550	513	1612	1302	513	1615	513
14 н 560	2028	1618	560	2013	560	1763	1517	560	1841	560	1900	1579	560	1934	560	2028	1618	560	2013	560
05.09.11
7 н 1085	879	452	1094	452	977	828	452	1002	452	1044	856	452	1049	452	1085	879	452	1094	452	977
10 н 1485	1215	499	1507	499	1316	1132	499	1376	499	1396	1183	499	1445	499	1485	1215	499	1507	499	1316
11 н 1612	1302	513	1615	513	1423	1218	513	1472	513	1518	1266	513	1550	513	1612	1302	513	1615	513	1423
14 н 2028	1618	560	2013	560	1763	1517	560	1841	560	1900	1579	560	1934	560	2028	1618	560	2013	560	1763
08.09.11
7 н 879	452	1094	452	977	828	452	1002	452	1044	856	452	1049	452	1085	879	452	1094	452	977	828
10 н 1215	499	1507	499	1316	1132	499	1376	499	1396	1183	499	1445	499	1485	1215	499	1507	499	1316	1132
11 н 1302	513	1615	513	1423	1218	513	1472	513	1518	1266	513	1550	513	1612	1302	513	1615	513	1423	1218
14 н 1618	560	2013	560	1763	1517	560	1841	560	1900	1579	560	1934	560	2028	1618	560	2013	560	1763	1517
12.09.11
7 н 452	1094	452	977	828	452	1002	452	1044	856	452	1049	452	1085	879	452	1094	452	977	828	452
10 н 499	1507	499	1316	1132	499	1376	499	1396	1183	499	1445	499	1485	1215	499	1507	499	1316	1132	499
11 н 513	1615	513	1423	1218	513	1472	513	1518	1266	513	1550	513	1612	1302	513	1615	513	1423	1218	513
14 н 560	2013	560	1763	1517	560	1841	560	1900	1579	560	1934	560	2028	1618	560	2013	560	1763	1517	560
15.09.11
7 н 1094	452	977	828	452	1002	452	1044	856	452	1049	452	1085	879	452	1094	452	977	828	452	1002
10 н 1507	499	1316	1132	499	1376	499	1396	1183	499	1445	499	1485	1215	499	1507	499	1316	1132	499	1376
11 н 1615	513	1423	1218	513	1472	513	1518	1266	513	1550	513	1612	1302	513	1615	513	1423	1218	513	1472
14 н 2013	560	1763	1517	560	1841	560	1900	1579	560	1934	560	2028	1618	560	2013	560	1763	1517	560	1841
19.09.11
7 н 452	977	828	452	1002	452	1044	856	452	1049	452	1085	879	452	1094	452	977	828	452	1002	452
10 н 499	1316	1132	499	1376	499	1396	1183	499	1445	499	1485	1215	499	1507	499	1316	1132	499	1376	499
11 н 513	1423	1218	513	1472	513	1518	1266	513	1550	513	1612	1302	513	1615	513	1423	1218	513	1472	513
14 н 560	1763	1517	560	1841	560	1900	1579	560	1934	560	2028	1618	560	2013	560	1763	1517	560	1841	560
22.09.11
7 н 977	828	452	1002	452	1044	856	452	1049	452	1085	879	452	1094	452	977	828	452	1002	452	1044
10 н 1316	1132	499	1376	499	1396	1183	499	1445	499	1485	1215	499	1507	499	1316	1132	499	1376	499	1396
11 н 1423	1218	513	1472	513	1518	1266	513	1550	513	1612	1302	513	1615	513	1423	1218	513	1472	513	1518
14 н 1763	1517	560	1841	560	1900	1579	560	1934	560	2028	1618	560	2013	560	1763	1517	560	1841	560	1900
25.09.11
7 н 828	452	1002	452	1044	856	452	1049	452	1085	879	452	1094	452	977	828	452	1002	452	1044	856
10 н 1132	499	1376	499	1396	1183	499	1445	499	1485	1215	499	1507	499	1316	1132	499	1376	499	1396	1183
11 н 1218	513	1472	513	1518	1266	513	1550	513	1612	1302	513	1615	513	1423	1218	513	1472	513	1518	1266
14 н 1517	560	1841	560	1900	1579	560	1934	560	2028	1618	560	2013	560	1763	1517	560	1841	560	1900	1579
7 н 452	1002	452	1044	856	452	1049	452	1085	879	452	1094	452	977	828	452	1002	452	1044	856	452
Family Suite 2+2
DBL	DBL Extra
Bed adult
DBL 1ch
(2-12)
DBL 1ch
(2-14)
Даты заезда
09.06.11
7 н 977	828	452	1002
10 н 1316	1132	499	1376
11 н 1423	1218	513	1472
14 н 1763	1517	560	1841
13.06.11
7 н 828	452	1002	452
10 н 1132	499	1376	499
11 н 1218	513	1472	513
14 н 1517	560	1841	560
16.06.11
7 н 452	1002	452	1044
10 н 499	1376	499	1396
11 н 513	1472	513	1518
14 н 560	1841	560	1900
7 н 1002	452	1044	856
